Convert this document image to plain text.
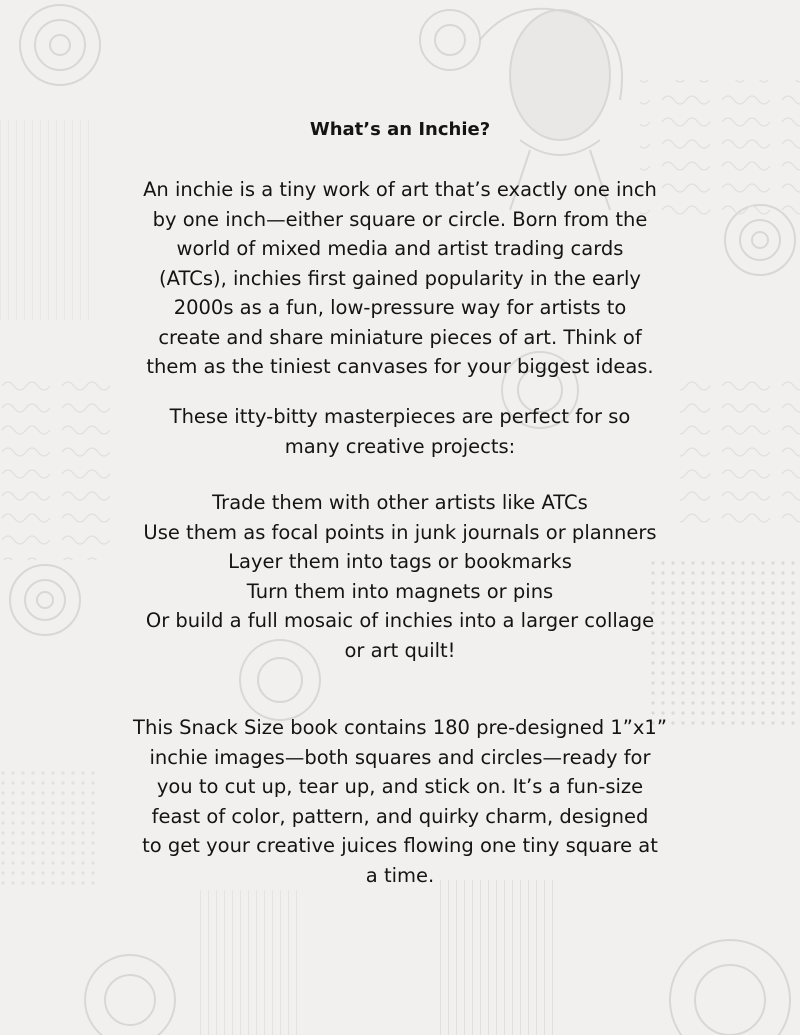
What’s an Inchie?
An inchie is a tiny work of art that’s exactly one inch
by one inch—either square or circle. Born from the
world of mixed media and artist trading cards
(ATCs), inchies first gained popularity in the early
2000s as a fun, low-pressure way for artists to
create and share miniature pieces of art. Think of
them as the tiniest canvases for your biggest ideas.
These itty-bitty masterpieces are perfect for so
many creative projects:
Trade them with other artists like ATCs
Use them as focal points in junk journals or planners
Layer them into tags or bookmarks
Turn them into magnets or pins
Or build a full mosaic of inchies into a larger collage
or art quilt!
This Snack Size book contains 180 pre-designed 1”x1”
inchie images—both squares and circles—ready for
you to cut up, tear up, and stick on. It’s a fun-size
feast of color, pattern, and quirky charm, designed
to get your creative juices flowing one tiny square at
a time.
